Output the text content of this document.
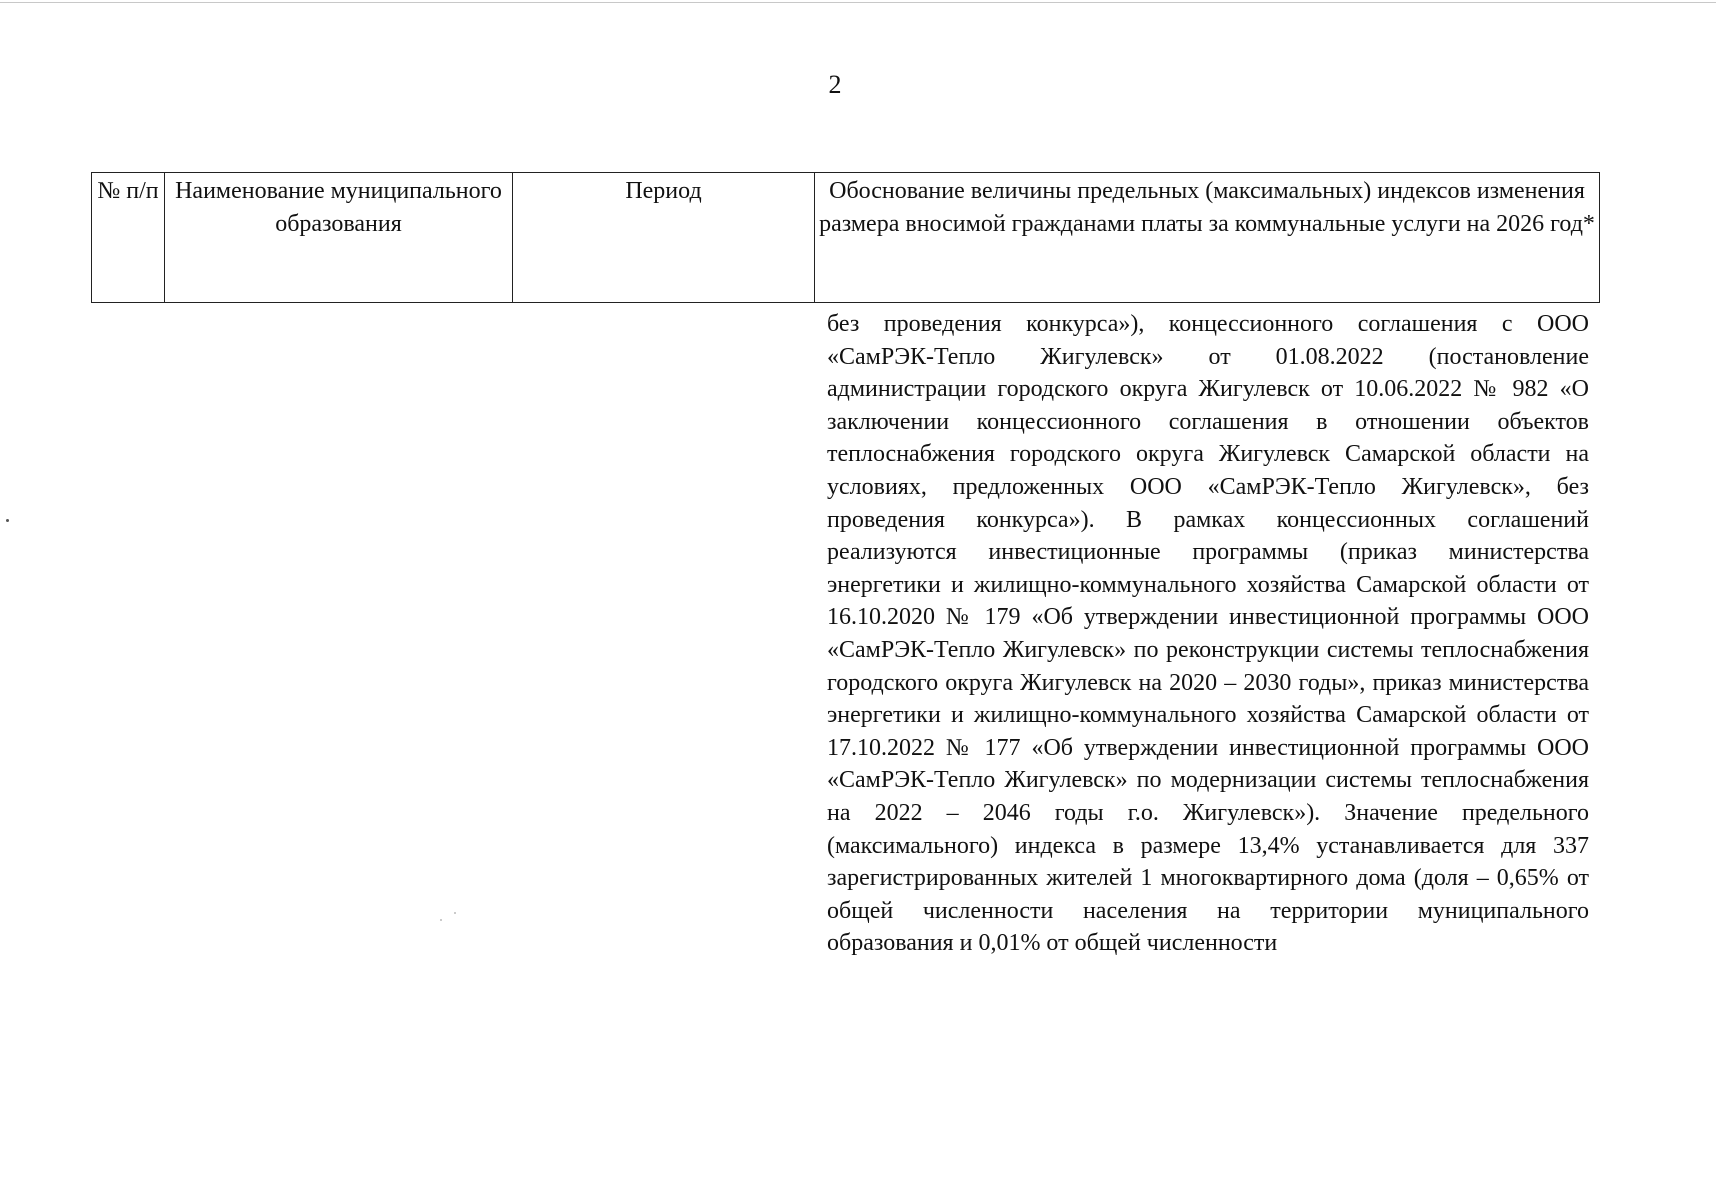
2
№ п/п	Наименование муниципального образования	Период	Обоснование величины предельных (максимальных) индексов изменения размера вносимой гражданами платы за коммунальные услуги на 2026 год*

без проведения конкурса»), концессионного соглашения с ООО «СамРЭК-Тепло Жигулевск» от 01.08.2022 (постановление администрации городского округа Жигулевск от 10.06.2022 № 982 «О заключении концессионного соглашения в отношении объектов теплоснабжения городского округа Жигулевск Самарской области на условиях, предложенных ООО «СамРЭК-Тепло Жигулевск», без проведения конкурса»). В рамках концессионных соглашений реализуются инвестиционные программы (приказ министерства энергетики и жилищно-коммунального хозяйства Самарской области от 16.10.2020 № 179 «Об утверждении инвестиционной программы ООО «СамРЭК-Тепло Жигулевск» по реконструкции системы теплоснабжения городского округа Жигулевск на 2020 – 2030 годы», приказ министерства энергетики и жилищно-коммунального хозяйства Самарской области от 17.10.2022 № 177 «Об утверждении инвестиционной программы ООО «СамРЭК-Тепло Жигулевск» по модернизации системы теплоснабжения на 2022 – 2046 годы г.о. Жигулевск»). Значение предельного (максимального) индекса в размере 13,4% устанавливается для 337 зарегистрированных жителей 1 многоквартирного дома (доля – 0,65% от общей численности населения на территории муниципального образования и 0,01% от общей численности
